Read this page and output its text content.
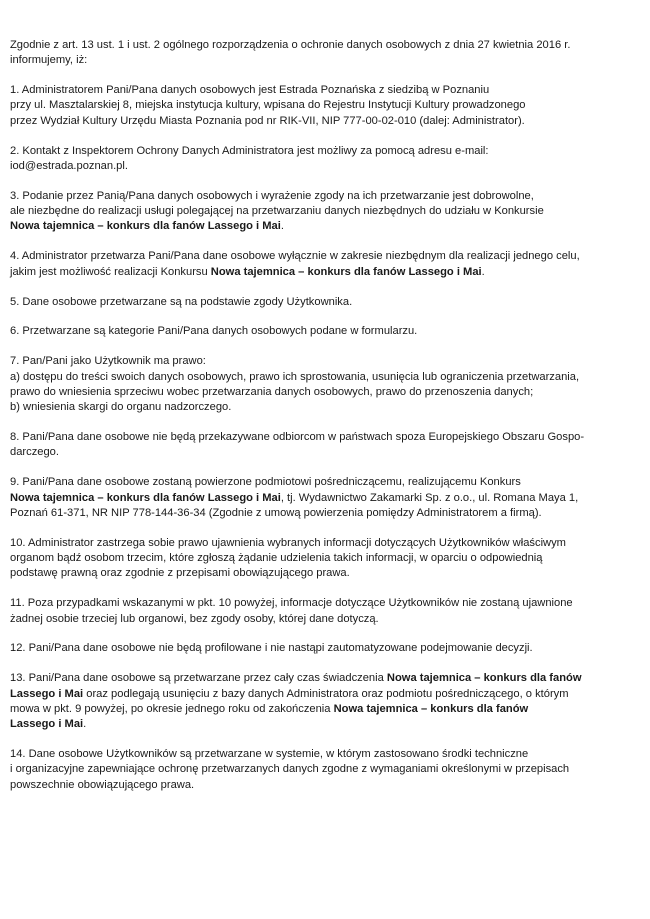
Zgodnie z art. 13 ust. 1 i ust. 2 ogólnego rozporządzenia o ochronie danych osobowych z dnia 27 kwietnia 2016 r.
informujemy, iż:

1. Administratorem Pani/Pana danych osobowych jest Estrada Poznańska z siedzibą w Poznaniu
przy ul. Masztalarskiej 8, miejska instytucja kultury, wpisana do Rejestru Instytucji Kultury prowadzonego
przez Wydział Kultury Urzędu Miasta Poznania pod nr RIK-VII, NIP 777-00-02-010 (dalej: Administrator).

2. Kontakt z Inspektorem Ochrony Danych Administratora jest możliwy za pomocą adresu e-mail:
iod@estrada.poznan.pl.

3. Podanie przez Panią/Pana danych osobowych i wyrażenie zgody na ich przetwarzanie jest dobrowolne,
ale niezbędne do realizacji usługi polegającej na przetwarzaniu danych niezbędnych do udziału w Konkursie
Nowa tajemnica – konkurs dla fanów Lassego i Mai.

4. Administrator przetwarza Pani/Pana dane osobowe wyłącznie w zakresie niezbędnym dla realizacji jednego celu,
jakim jest możliwość realizacji Konkursu Nowa tajemnica – konkurs dla fanów Lassego i Mai.

5. Dane osobowe przetwarzane są na podstawie zgody Użytkownika.

6. Przetwarzane są kategorie Pani/Pana danych osobowych podane w formularzu.

7. Pan/Pani jako Użytkownik ma prawo:
a) dostępu do treści swoich danych osobowych, prawo ich sprostowania, usunięcia lub ograniczenia przetwarzania,
prawo do wniesienia sprzeciwu wobec przetwarzania danych osobowych, prawo do przenoszenia danych;
b) wniesienia skargi do organu nadzorczego.

8. Pani/Pana dane osobowe nie będą przekazywane odbiorcom w państwach spoza Europejskiego Obszaru Gospo-
darczego.

9. Pani/Pana dane osobowe zostaną powierzone podmiotowi pośredniczącemu, realizującemu Konkurs
Nowa tajemnica – konkurs dla fanów Lassego i Mai, tj. Wydawnictwo Zakamarki Sp. z o.o., ul. Romana Maya 1,
Poznań 61-371, NR NIP 778-144-36-34 (Zgodnie z umową powierzenia pomiędzy Administratorem a firmą).

10. Administrator zastrzega sobie prawo ujawnienia wybranych informacji dotyczących Użytkowników właściwym
organom bądź osobom trzecim, które zgłoszą żądanie udzielenia takich informacji, w oparciu o odpowiednią
podstawę prawną oraz zgodnie z przepisami obowiązującego prawa.

11. Poza przypadkami wskazanymi w pkt. 10 powyżej, informacje dotyczące Użytkowników nie zostaną ujawnione
żadnej osobie trzeciej lub organowi, bez zgody osoby, której dane dotyczą.

12. Pani/Pana dane osobowe nie będą profilowane i nie nastąpi zautomatyzowane podejmowanie decyzji.

13. Pani/Pana dane osobowe są przetwarzane przez cały czas świadczenia Nowa tajemnica – konkurs dla fanów
Lassego i Mai oraz podlegają usunięciu z bazy danych Administratora oraz podmiotu pośredniczącego, o którym
mowa w pkt. 9 powyżej, po okresie jednego roku od zakończenia Nowa tajemnica – konkurs dla fanów
Lassego i Mai.

14. Dane osobowe Użytkowników są przetwarzane w systemie, w którym zastosowano środki techniczne
i organizacyjne zapewniające ochronę przetwarzanych danych zgodne z wymaganiami określonymi w przepisach
powszechnie obowiązującego prawa.
